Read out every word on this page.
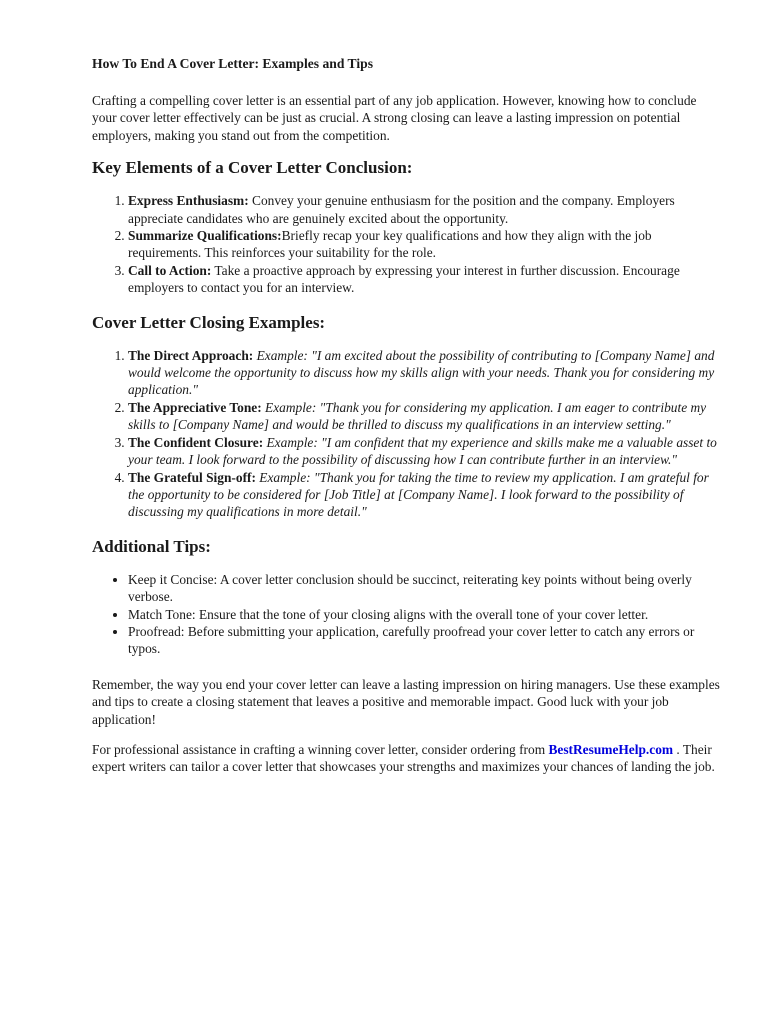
How To End A Cover Letter: Examples and Tips

Crafting a compelling cover letter is an essential part of any job application. However, knowing how to conclude your cover letter effectively can be just as crucial. A strong closing can leave a lasting impression on potential employers, making you stand out from the competition.

Key Elements of a Cover Letter Conclusion:
1. Express Enthusiasm: Convey your genuine enthusiasm for the position and the company. Employers appreciate candidates who are genuinely excited about the opportunity.
2. Summarize Qualifications:Briefly recap your key qualifications and how they align with the job requirements. This reinforces your suitability for the role.
3. Call to Action: Take a proactive approach by expressing your interest in further discussion. Encourage employers to contact you for an interview.
Cover Letter Closing Examples:
1. The Direct Approach: Example: "I am excited about the possibility of contributing to [Company Name] and would welcome the opportunity to discuss how my skills align with your needs. Thank you for considering my application."
2. The Appreciative Tone: Example: "Thank you for considering my application. I am eager to contribute my skills to [Company Name] and would be thrilled to discuss my qualifications in an interview setting."
3. The Confident Closure: Example: "I am confident that my experience and skills make me a valuable asset to your team. I look forward to the possibility of discussing how I can contribute further in an interview."
4. The Grateful Sign-off: Example: "Thank you for taking the time to review my application. I am grateful for the opportunity to be considered for [Job Title] at [Company Name]. I look forward to the possibility of discussing my qualifications in more detail."
Additional Tips:
• Keep it Concise: A cover letter conclusion should be succinct, reiterating key points without being overly verbose.
• Match Tone: Ensure that the tone of your closing aligns with the overall tone of your cover letter.
• Proofread: Before submitting your application, carefully proofread your cover letter to catch any errors or typos.

Remember, the way you end your cover letter can leave a lasting impression on hiring managers. Use these examples and tips to create a closing statement that leaves a positive and memorable impact. Good luck with your job application!

For professional assistance in crafting a winning cover letter, consider ordering from BestResumeHelp.com . Their expert writers can tailor a cover letter that showcases your strengths and maximizes your chances of landing the job.
